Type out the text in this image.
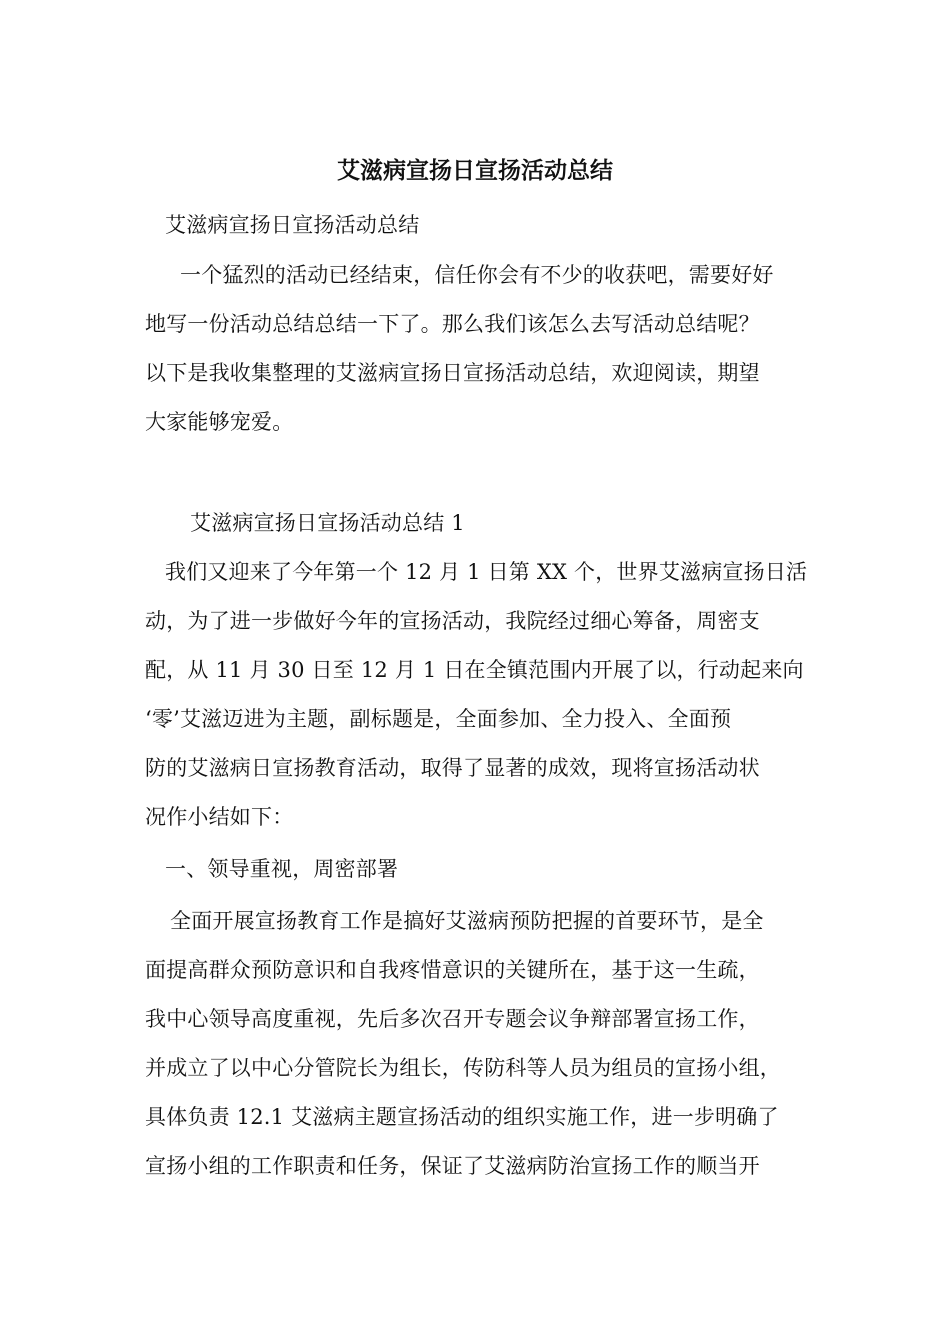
艾滋病宣扬日宣扬活动总结

艾滋病宣扬日宣扬活动总结

一个猛烈的活动已经结束，信任你会有不少的收获吧，需要好好

地写一份活动总结总结一下了。那么我们该怎么去写活动总结呢？

以下是我收集整理的艾滋病宣扬日宣扬活动总结，欢迎阅读，期望

大家能够宠爱。

艾滋病宣扬日宣扬活动总结 1

我们又迎来了今年第一个 12 月 1 日第 XX 个，世界艾滋病宣扬日活

动，为了进一步做好今年的宣扬活动，我院经过细心筹备，周密支

配，从 11 月 30 日至 12 月 1 日在全镇范围内开展了以，行动起来向

‘零’艾滋迈进为主题，副标题是，全面参加、全力投入、全面预

防的艾滋病日宣扬教育活动，取得了显著的成效，现将宣扬活动状

况作小结如下：

一、领导重视，周密部署

全面开展宣扬教育工作是搞好艾滋病预防把握的首要环节，是全

面提高群众预防意识和自我疼惜意识的关键所在，基于这一生疏，

我中心领导高度重视，先后多次召开专题会议争辩部署宣扬工作，

并成立了以中心分管院长为组长，传防科等人员为组员的宣扬小组，

具体负责 12.1 艾滋病主题宣扬活动的组织实施工作，进一步明确了

宣扬小组的工作职责和任务，保证了艾滋病防治宣扬工作的顺当开
